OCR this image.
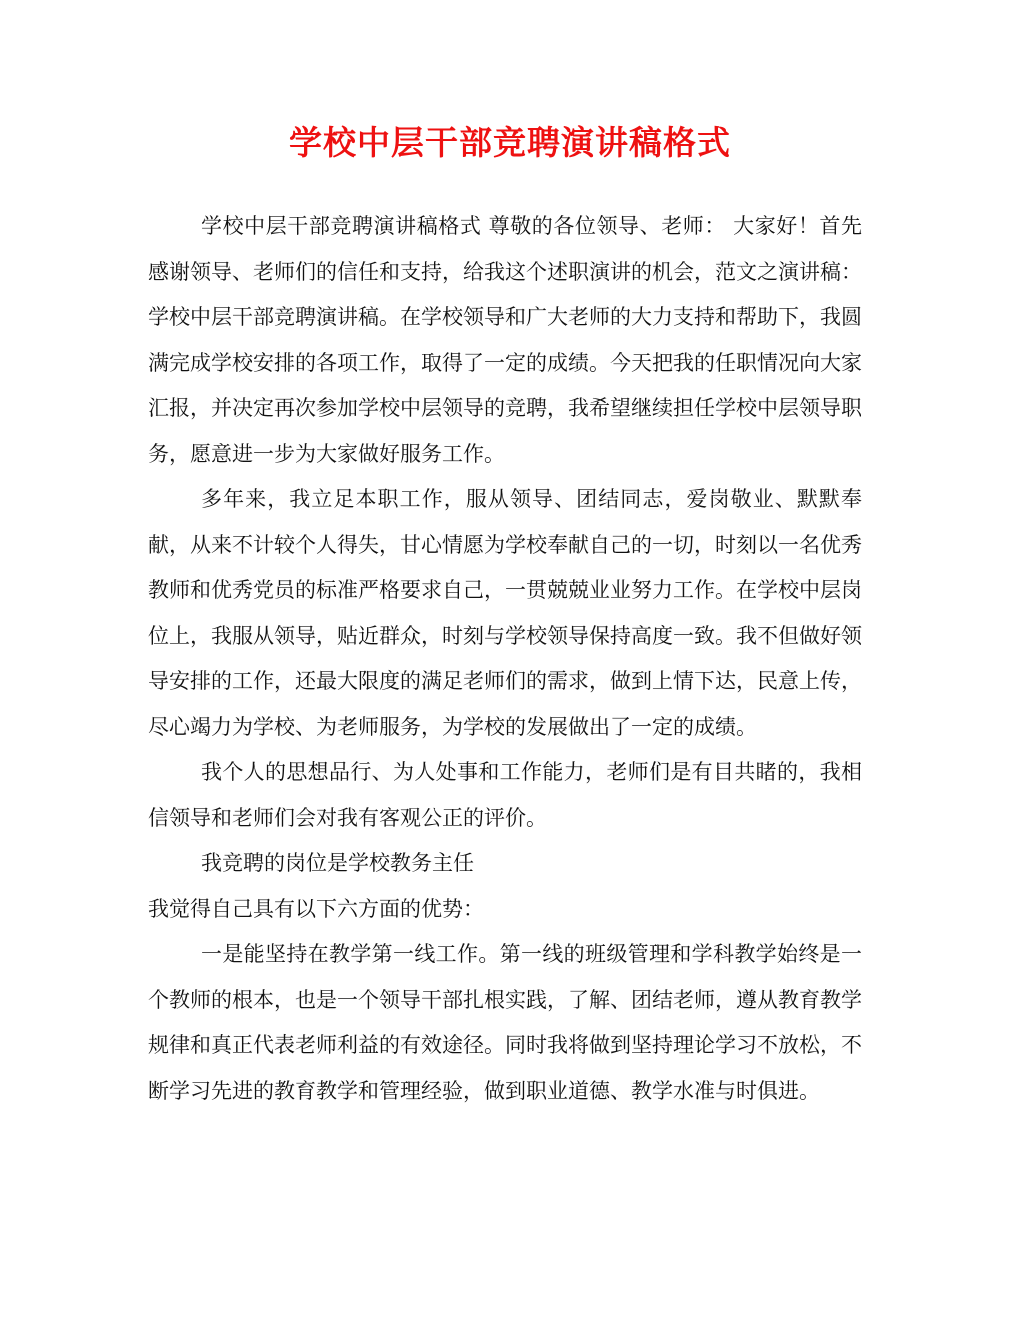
学校中层干部竞聘演讲稿格式

学校中层干部竞聘演讲稿格式 尊敬的各位领导、老师： 大家好！首先感谢领导、老师们的信任和支持，给我这个述职演讲的机会，范文之演讲稿：学校中层干部竞聘演讲稿。在学校领导和广大老师的大力支持和帮助下，我圆满完成学校安排的各项工作，取得了一定的成绩。今天把我的任职情况向大家汇报，并决定再次参加学校中层领导的竞聘，我希望继续担任学校中层领导职务，愿意进一步为大家做好服务工作。

多年来，我立足本职工作，服从领导、团结同志，爱岗敬业、默默奉献，从来不计较个人得失，甘心情愿为学校奉献自己的一切，时刻以一名优秀教师和优秀党员的标准严格要求自己，一贯兢兢业业努力工作。在学校中层岗位上，我服从领导，贴近群众，时刻与学校领导保持高度一致。我不但做好领导安排的工作，还最大限度的满足老师们的需求，做到上情下达，民意上传，尽心竭力为学校、为老师服务，为学校的发展做出了一定的成绩。

我个人的思想品行、为人处事和工作能力，老师们是有目共睹的，我相信领导和老师们会对我有客观公正的评价。

我竞聘的岗位是学校教务主任

我觉得自己具有以下六方面的优势：

一是能坚持在教学第一线工作。第一线的班级管理和学科教学始终是一个教师的根本，也是一个领导干部扎根实践，了解、团结老师，遵从教育教学规律和真正代表老师利益的有效途径。同时我将做到坚持理论学习不放松，不断学习先进的教育教学和管理经验，做到职业道德、教学水准与时俱进。
